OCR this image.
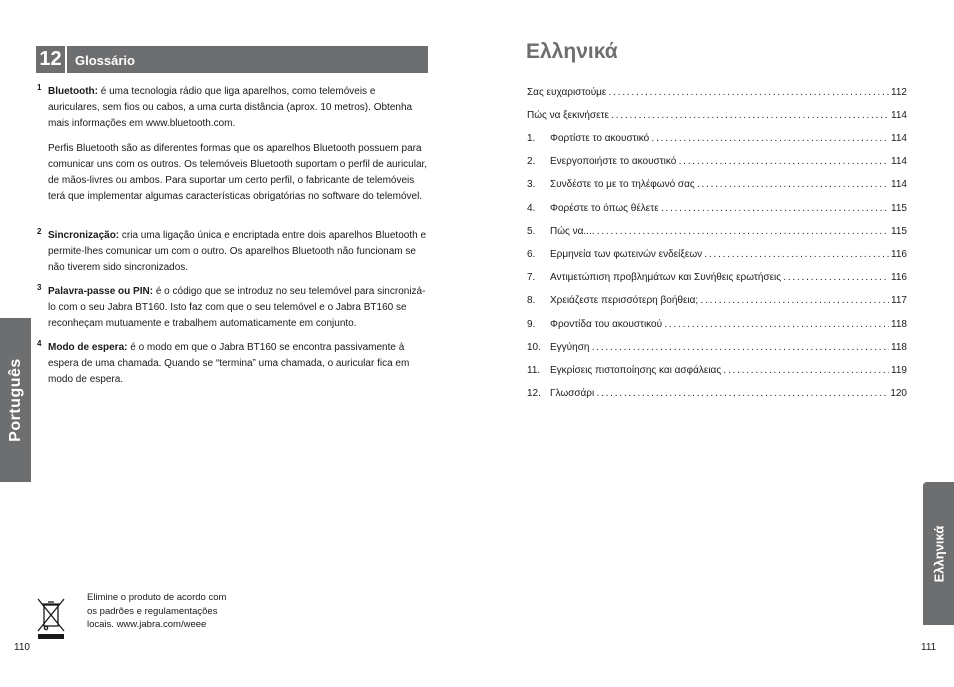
12	Glossário
1 Bluetooth: é uma tecnologia rádio que liga aparelhos, como telemóveis e auriculares, sem fios ou cabos, a uma curta distância (aprox. 10 metros). Obtenha mais informações em www.bluetooth.com.
Perfis Bluetooth são as diferentes formas que os aparelhos Bluetooth possuem para comunicar uns com os outros. Os telemóveis Bluetooth suportam o perfil de auricular, de mãos-livres ou ambos. Para suportar um certo perfil, o fabricante de telemóveis terá que implementar algumas características obrigatórias no software do telemóvel.
2 Sincronização: cria uma ligação única e encriptada entre dois aparelhos Bluetooth e permite-lhes comunicar um com o outro. Os aparelhos Bluetooth não funcionam se não tiverem sido sincronizados.
3 Palavra-passe ou PIN: é o código que se introduz no seu telemóvel para sincronizá-lo com o seu Jabra BT160. Isto faz com que o seu telemóvel e o Jabra BT160 se reconheçam mutuamente e trabalhem automaticamente em conjunto.
4 Modo de espera: é o modo em que o Jabra BT160 se encontra passivamente à espera de uma chamada. Quando se “termina” uma chamada, o auricular fica em modo de espera.
Português
Elimine o produto de acordo com os padrões e regulamentações locais. www.jabra.com/weee
110
Ελληνικά
Σας ευχαριστούμε . . .	112
Πώς να ξεκινήσετε . . .	114
1. Φορτίστε το ακουστικό . . .	114
2. Ενεργοποιήστε το ακουστικό . . .	114
3. Συνδέστε το με το τηλέφωνό σας . . .	114
4. Φορέστε το όπως θέλετε . . .	115
5. Πώς να.... . . .	115
6. Ερμηνεία των φωτεινών ενδείξεων . . .	116
7. Αντιμετώπιση προβλημάτων και Συνήθεις ερωτήσεις . . .	116
8. Χρειάζεστε περισσότερη βοήθεια; . . .	117
9. Φροντίδα του ακουστικού . . .	118
10. Εγγύηση . . .	118
11. Εγκρίσεις πιστοποίησης και ασφάλειας . . .	119
12. Γλωσσάρι . . .	120
Ελληνικά
111
